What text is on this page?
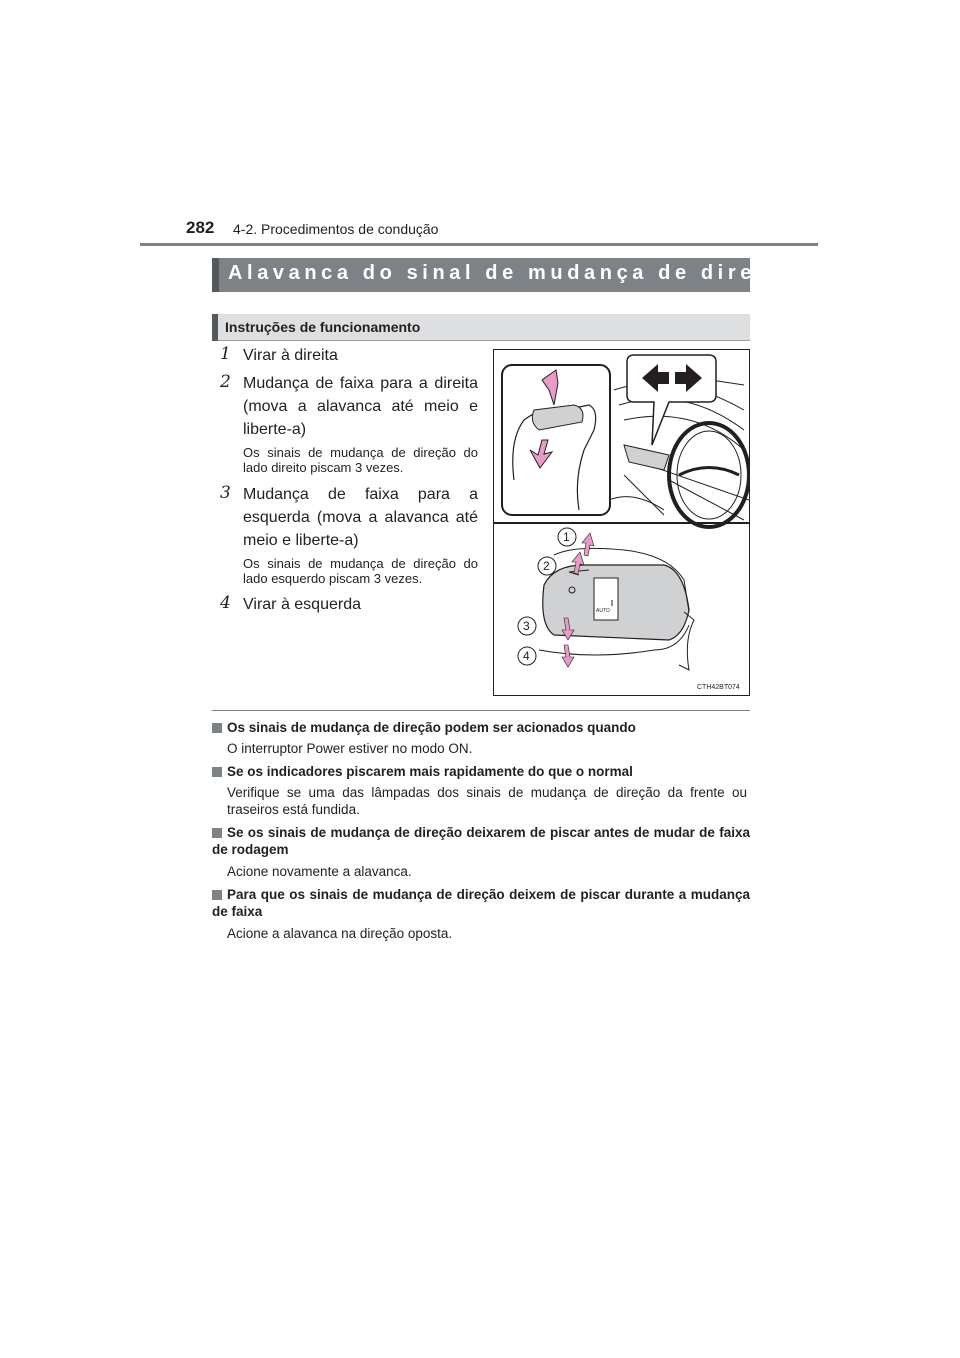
282 4-2. Procedimentos de condução
Alavanca do sinal de mudança de direção
Instruções de funcionamento
1 Virar à direita
2 Mudança de faixa para a direita (mova a alavanca até meio e liberte-a)
Os sinais de mudança de direção do lado direito piscam 3 vezes.
3 Mudança de faixa para a esquerda (mova a alavanca até meio e liberte-a)
Os sinais de mudança de direção do lado esquerdo piscam 3 vezes.
4 Virar à esquerda	AUTO
1
2
3
4
CTH42BT074
Os sinais de mudança de direção podem ser acionados quando
O interruptor Power estiver no modo ON.
Se os indicadores piscarem mais rapidamente do que o normal
Verifique se uma das lâmpadas dos sinais de mudança de direção da frente ou traseiros está fundida.
Se os sinais de mudança de direção deixarem de piscar antes de mudar de faixa de rodagem
Acione novamente a alavanca.
Para que os sinais de mudança de direção deixem de piscar durante a mudança de faixa
Acione a alavanca na direção oposta.
